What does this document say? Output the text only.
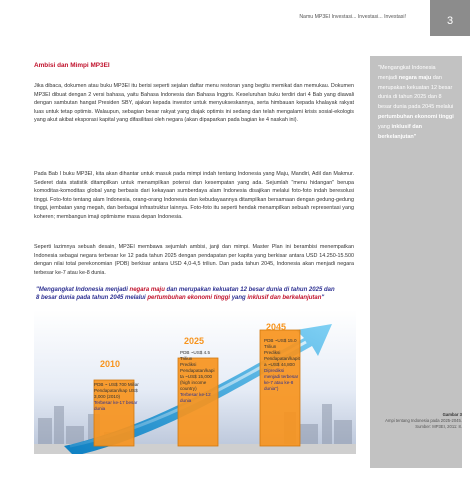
Namu MP3EI Investasi... Investasi... Investasi!	3
Ambisi dan Mimpi MP3EI
Jika dibaca, dokumen atau buku MP3EI itu berisi seperti sejalan daftar menu restoran yang begitu memikat dan memukau. Dokumen MP3EI dibuat dengan 2 versi bahasa, yaitu Bahasa Indonesia dan Bahasa Inggris. Keseluruhan buku terdiri dari 4 Bab yang diawali dengan sambutan hangat Presiden SBY, ajakan kepada investor untuk menyukseskannya, serta himbauan kepada khalayak rakyat luas untuk tetap optimis. Walaupun, sebagian besar rakyat yang diajak optimis ini sedang dan telah mengalami krisis sosial-ekologis yang akut akibat eksporasi kapital yang difasilitasi oleh negara (akan dipaparkan pada bagian ke 4 naskah ini).
Pada Bab I buku MP3EI, kita akan dihantar untuk masuk pada mimpi indah tentang Indonesia yang Maju, Mandiri, Adil dan Makmur. Sederet data statistik ditampilkan untuk menampilkan potensi dan kesempatan yang ada. Sejumlah "menu hidangan" berupa komoditas-komoditas global yang berbasis dari kekayaan sumberdaya alam Indonesia disajikan melalui foto-foto indah beresolusi tinggi. Foto-foto tentang alam Indonesia, orang-orang Indonesia dan kebudayaannya ditampilkan bersamaan dengan gedung-gedung tinggi, jembatan yang megah, dan berbagai infrastruktur lainnya. Foto-foto itu seperti hendak menampilkan sebuah representasi yang koheren; membangun imaji optimisme masa depan Indonesia.
Seperti lazimnya sebuah desain, MP3EI membawa sejumlah ambisi, janji dan mimpi. Master Plan ini berambisi menempatkan Indonesia sebagai negara terbesar ke 12 pada tahun 2025 dengan pendapatan per kapita yang berkisar antara USD 14.250-15.500 dengan nilai total perekonomian (PDB) berkisar antara USD 4,0-4,5 triliun. Dan pada tahun 2045, Indonesia akan menjadi negara terbesar ke-7 atau ke-8 dunia.
"Mengangkat Indonesia menjadi negara maju dan merupakan kekuatan 12 besar dunia di tahun 2025 dan 8 besar dunia pada 2045 melalui pertumbuhan ekonomi tinggi yang inklusif dan berkelanjutan"
"Mengangkat Indonesia menjadi negara maju dan merupakan kekuatan 12 besar dunia di tahun 2025 dan 8 besar dunia pada tahun 2045 melalui pertumbuhan ekonomi tinggi yang inklusif dan berkelanjutan"
2010
PDB ~ US$ 700 Miliar
Pendapatan/kap US$
3,000 (2010)
Terbesar ke-17 besar
dunia
2025
PDB ~US$ 4.5
Triliun
Prediksi
Pendapatan/kapi
ta ~US$ 15,000
(high income
country)
Terbesar ke-12
dunia
2045
PDB ~US$ 15.0
Triliun
Prediksi
Pendapatan/kapit
a ~US$ 44,800
Diprediksi
menjadi terbesar
ke-7 atau ke-8
dunia")
Gambar 3
Ampi tentang Indonesia pada 2025-2045.
Sumber: MP3EI, 2011: 8.
